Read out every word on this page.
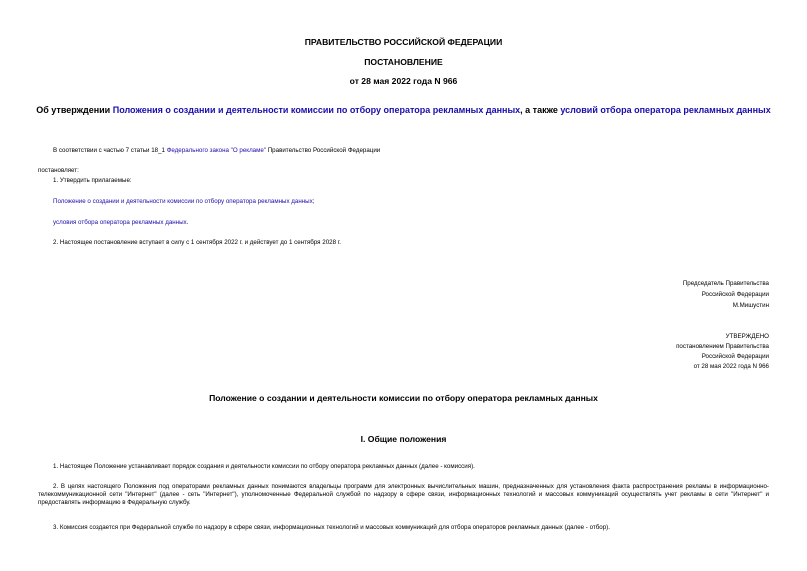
ПРАВИТЕЛЬСТВО РОССИЙСКОЙ ФЕДЕРАЦИИ
ПОСТАНОВЛЕНИЕ
от 28 мая 2022 года N 966
Об утверждении Положения о создании и деятельности комиссии по отбору оператора рекламных данных, а также условий отбора оператора рекламных данных
В соответствии с частью 7 статьи 18_1 Федерального закона "О рекламе" Правительство Российской Федерации
постановляет:
1. Утвердить прилагаемые:
Положение о создании и деятельности комиссии по отбору оператора рекламных данных;
условия отбора оператора рекламных данных.
2. Настоящее постановление вступает в силу с 1 сентября 2022 г. и действует до 1 сентября 2028 г.
Председатель Правительства
Российской Федерации
М.Мишустин
УТВЕРЖДЕНО
постановлением Правительства
Российской Федерации
от 28 мая 2022 года N 966
Положение о создании и деятельности комиссии по отбору оператора рекламных данных
I. Общие положения
1. Настоящее Положение устанавливает порядок создания и деятельности комиссии по отбору оператора рекламных данных (далее - комиссия).
2. В целях настоящего Положения под операторами рекламных данных понимаются владельцы программ для электронных вычислительных машин, предназначенных для установления факта распространения рекламы в информационно-телекоммуникационной сети "Интернет" (далее - сеть "Интернет"), уполномоченные Федеральной службой по надзору в сфере связи, информационных технологий и массовых коммуникаций осуществлять учет рекламы в сети "Интернет" и предоставлять информацию в Федеральную службу.
3. Комиссия создается при Федеральной службе по надзору в сфере связи, информационных технологий и массовых коммуникаций для отбора операторов рекламных данных (далее - отбор).
